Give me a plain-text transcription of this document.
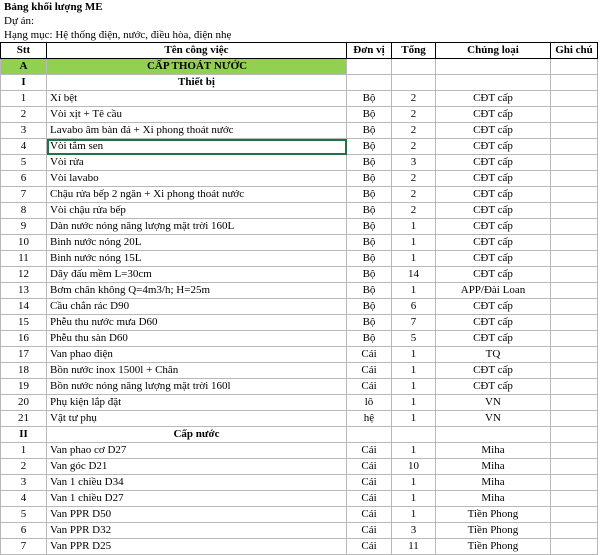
Bảng khối lượng ME
Dự án:
Hạng mục: Hệ thống điện, nước, điều hòa, điện nhẹ
Stt	Tên công việc	Đơn vị	Tổng	Chủng loại	Ghi chú
A	CẤP THOÁT NƯỚC				
I	Thiết bị				
1	Xí bệt	Bộ	2	CĐT cấp	
2	Vòi xịt + Tê cầu	Bộ	2	CĐT cấp	
3	Lavabo âm bàn đá + Xi phong thoát nước	Bộ	2	CĐT cấp	
4	Vòi tắm sen	Bộ	2	CĐT cấp	
5	Vòi rửa	Bộ	3	CĐT cấp	
6	Vòi lavabo	Bộ	2	CĐT cấp	
7	Chậu rửa bếp 2 ngăn + Xi phong thoát nước	Bộ	2	CĐT cấp	
8	Vòi chậu rửa bếp	Bộ	2	CĐT cấp	
9	Dàn nước nóng năng lượng mặt trời 160L	Bộ	1	CĐT cấp	
10	Bình nước nóng 20L	Bộ	1	CĐT cấp	
11	Bình nước nóng 15L	Bộ	1	CĐT cấp	
12	Dây đấu mềm L=30cm	Bộ	14	CĐT cấp	
13	Bơm chân không Q=4m3/h; H=25m	Bộ	1	APP/Đài Loan	
14	Cầu chắn rác D90	Bộ	6	CĐT cấp	
15	Phễu thu nước mưa D60	Bộ	7	CĐT cấp	
16	Phễu thu sàn D60	Bộ	5	CĐT cấp	
17	Van phao điện	Cái	1	TQ	
18	Bồn nước inox 1500l + Chân	Cái	1	CĐT cấp	
19	Bồn nước nóng năng lượng mặt trời 160l	Cái	1	CĐT cấp	
20	Phụ kiện lắp đặt	lô	1	VN	
21	Vật tư phụ	hệ	1	VN	
II	Cấp nước				
1	Van phao cơ D27	Cái	1	Miha	
2	Van góc D21	Cái	10	Miha	
3	Van 1 chiều D34	Cái	1	Miha	
4	Van 1 chiều D27	Cái	1	Miha	
5	Van PPR D50	Cái	1	Tiền Phong	
6	Van PPR D32	Cái	3	Tiền Phong	
7	Van PPR D25	Cái	11	Tiền Phong	
